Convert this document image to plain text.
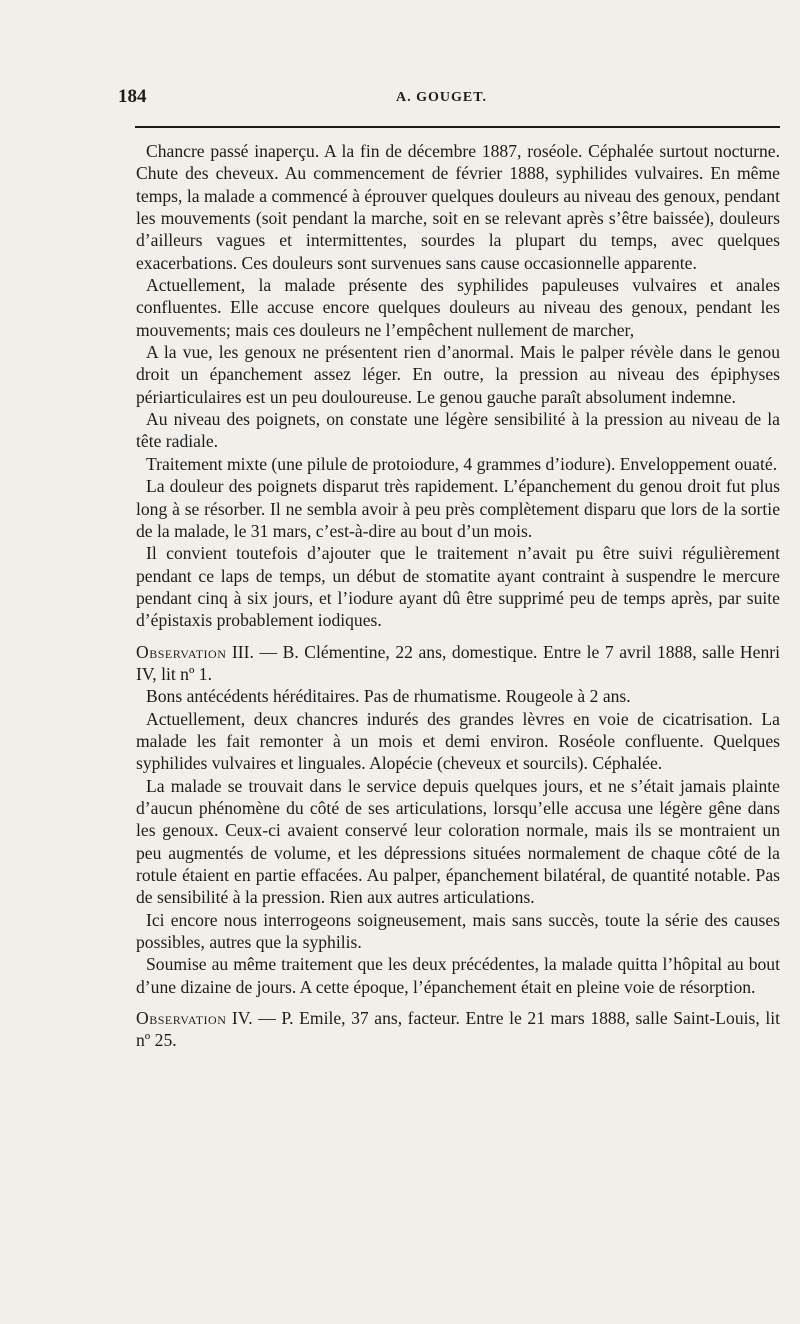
184	A. GOUGET.

Chancre passé inaperçu. A la fin de décembre 1887, roséole. Céphalée surtout nocturne. Chute des cheveux. Au commencement de février 1888, syphilides vulvaires. En même temps, la malade a commencé à éprouver quelques douleurs au niveau des genoux, pendant les mouvements (soit pendant la marche, soit en se relevant après s’être baissée), douleurs d’ailleurs vagues et intermittentes, sourdes la plupart du temps, avec quelques exacerbations. Ces douleurs sont survenues sans cause occasionnelle apparente.

Actuellement, la malade présente des syphilides papuleuses vulvaires et anales confluentes. Elle accuse encore quelques douleurs au niveau des genoux, pendant les mouvements; mais ces douleurs ne l’empêchent nullement de marcher,

A la vue, les genoux ne présentent rien d’anormal. Mais le palper révèle dans le genou droit un épanchement assez léger. En outre, la pression au niveau des épiphyses périarticulaires est un peu douloureuse. Le genou gauche paraît absolument indemne.

Au niveau des poignets, on constate une légère sensibilité à la pression au niveau de la tête radiale.

Traitement mixte (une pilule de protoiodure, 4 grammes d’iodure). Enveloppement ouaté.

La douleur des poignets disparut très rapidement. L’épanchement du genou droit fut plus long à se résorber. Il ne sembla avoir à peu près complètement disparu que lors de la sortie de la malade, le 31 mars, c’est-à-dire au bout d’un mois.

Il convient toutefois d’ajouter que le traitement n’avait pu être suivi régulièrement pendant ce laps de temps, un début de stomatite ayant contraint à suspendre le mercure pendant cinq à six jours, et l’iodure ayant dû être supprimé peu de temps après, par suite d’épistaxis probablement iodiques.

Observation III. — B. Clémentine, 22 ans, domestique. Entre le 7 avril 1888, salle Henri IV, lit nº 1.

Bons antécédents héréditaires. Pas de rhumatisme. Rougeole à 2 ans.

Actuellement, deux chancres indurés des grandes lèvres en voie de cicatrisation. La malade les fait remonter à un mois et demi environ. Roséole confluente. Quelques syphilides vulvaires et linguales. Alopécie (cheveux et sourcils). Céphalée.

La malade se trouvait dans le service depuis quelques jours, et ne s’était jamais plainte d’aucun phénomène du côté de ses articulations, lorsqu’elle accusa une légère gêne dans les genoux. Ceux-ci avaient conservé leur coloration normale, mais ils se montraient un peu augmentés de volume, et les dépressions situées normalement de chaque côté de la rotule étaient en partie effacées. Au palper, épanchement bilatéral, de quantité notable. Pas de sensibilité à la pression. Rien aux autres articulations.

Ici encore nous interrogeons soigneusement, mais sans succès, toute la série des causes possibles, autres que la syphilis.

Soumise au même traitement que les deux précédentes, la malade quitta l’hôpital au bout d’une dizaine de jours. A cette époque, l’épanchement était en pleine voie de résorption.

Observation IV. — P. Emile, 37 ans, facteur. Entre le 21 mars 1888, salle Saint-Louis, lit nº 25.
